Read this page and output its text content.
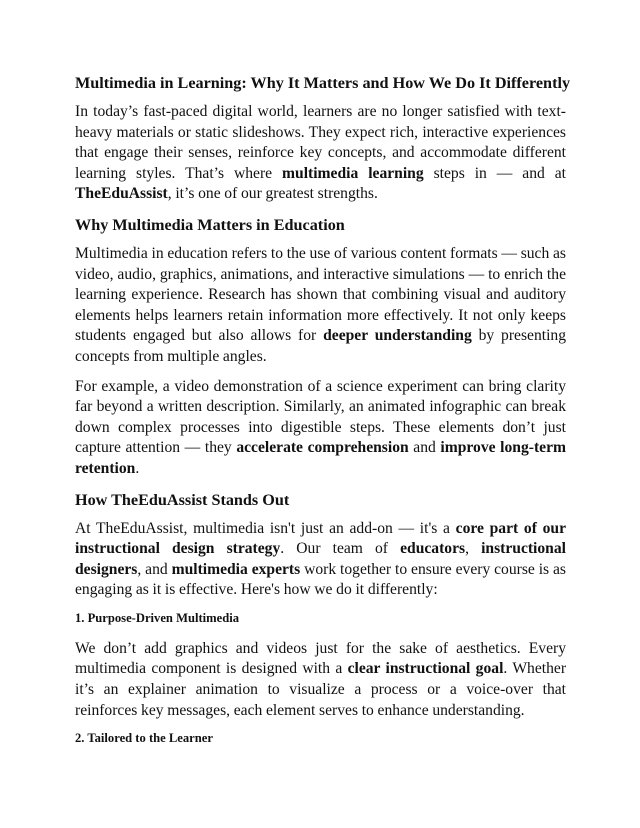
Multimedia in Learning: Why It Matters and How We Do It Differently

In today’s fast-paced digital world, learners are no longer satisfied with text-heavy materials or static slideshows. They expect rich, interactive experiences that engage their senses, reinforce key concepts, and accommodate different learning styles. That’s where multimedia learning steps in — and at TheEduAssist, it’s one of our greatest strengths.

Why Multimedia Matters in Education

Multimedia in education refers to the use of various content formats — such as video, audio, graphics, animations, and interactive simulations — to enrich the learning experience. Research has shown that combining visual and auditory elements helps learners retain information more effectively. It not only keeps students engaged but also allows for deeper understanding by presenting concepts from multiple angles.

For example, a video demonstration of a science experiment can bring clarity far beyond a written description. Similarly, an animated infographic can break down complex processes into digestible steps. These elements don’t just capture attention — they accelerate comprehension and improve long-term retention.

How TheEduAssist Stands Out

At TheEduAssist, multimedia isn't just an add-on — it's a core part of our instructional design strategy. Our team of educators, instructional designers, and multimedia experts work together to ensure every course is as engaging as it is effective. Here's how we do it differently:

1. Purpose-Driven Multimedia

We don’t add graphics and videos just for the sake of aesthetics. Every multimedia component is designed with a clear instructional goal. Whether it’s an explainer animation to visualize a process or a voice-over that reinforces key messages, each element serves to enhance understanding.

2. Tailored to the Learner
